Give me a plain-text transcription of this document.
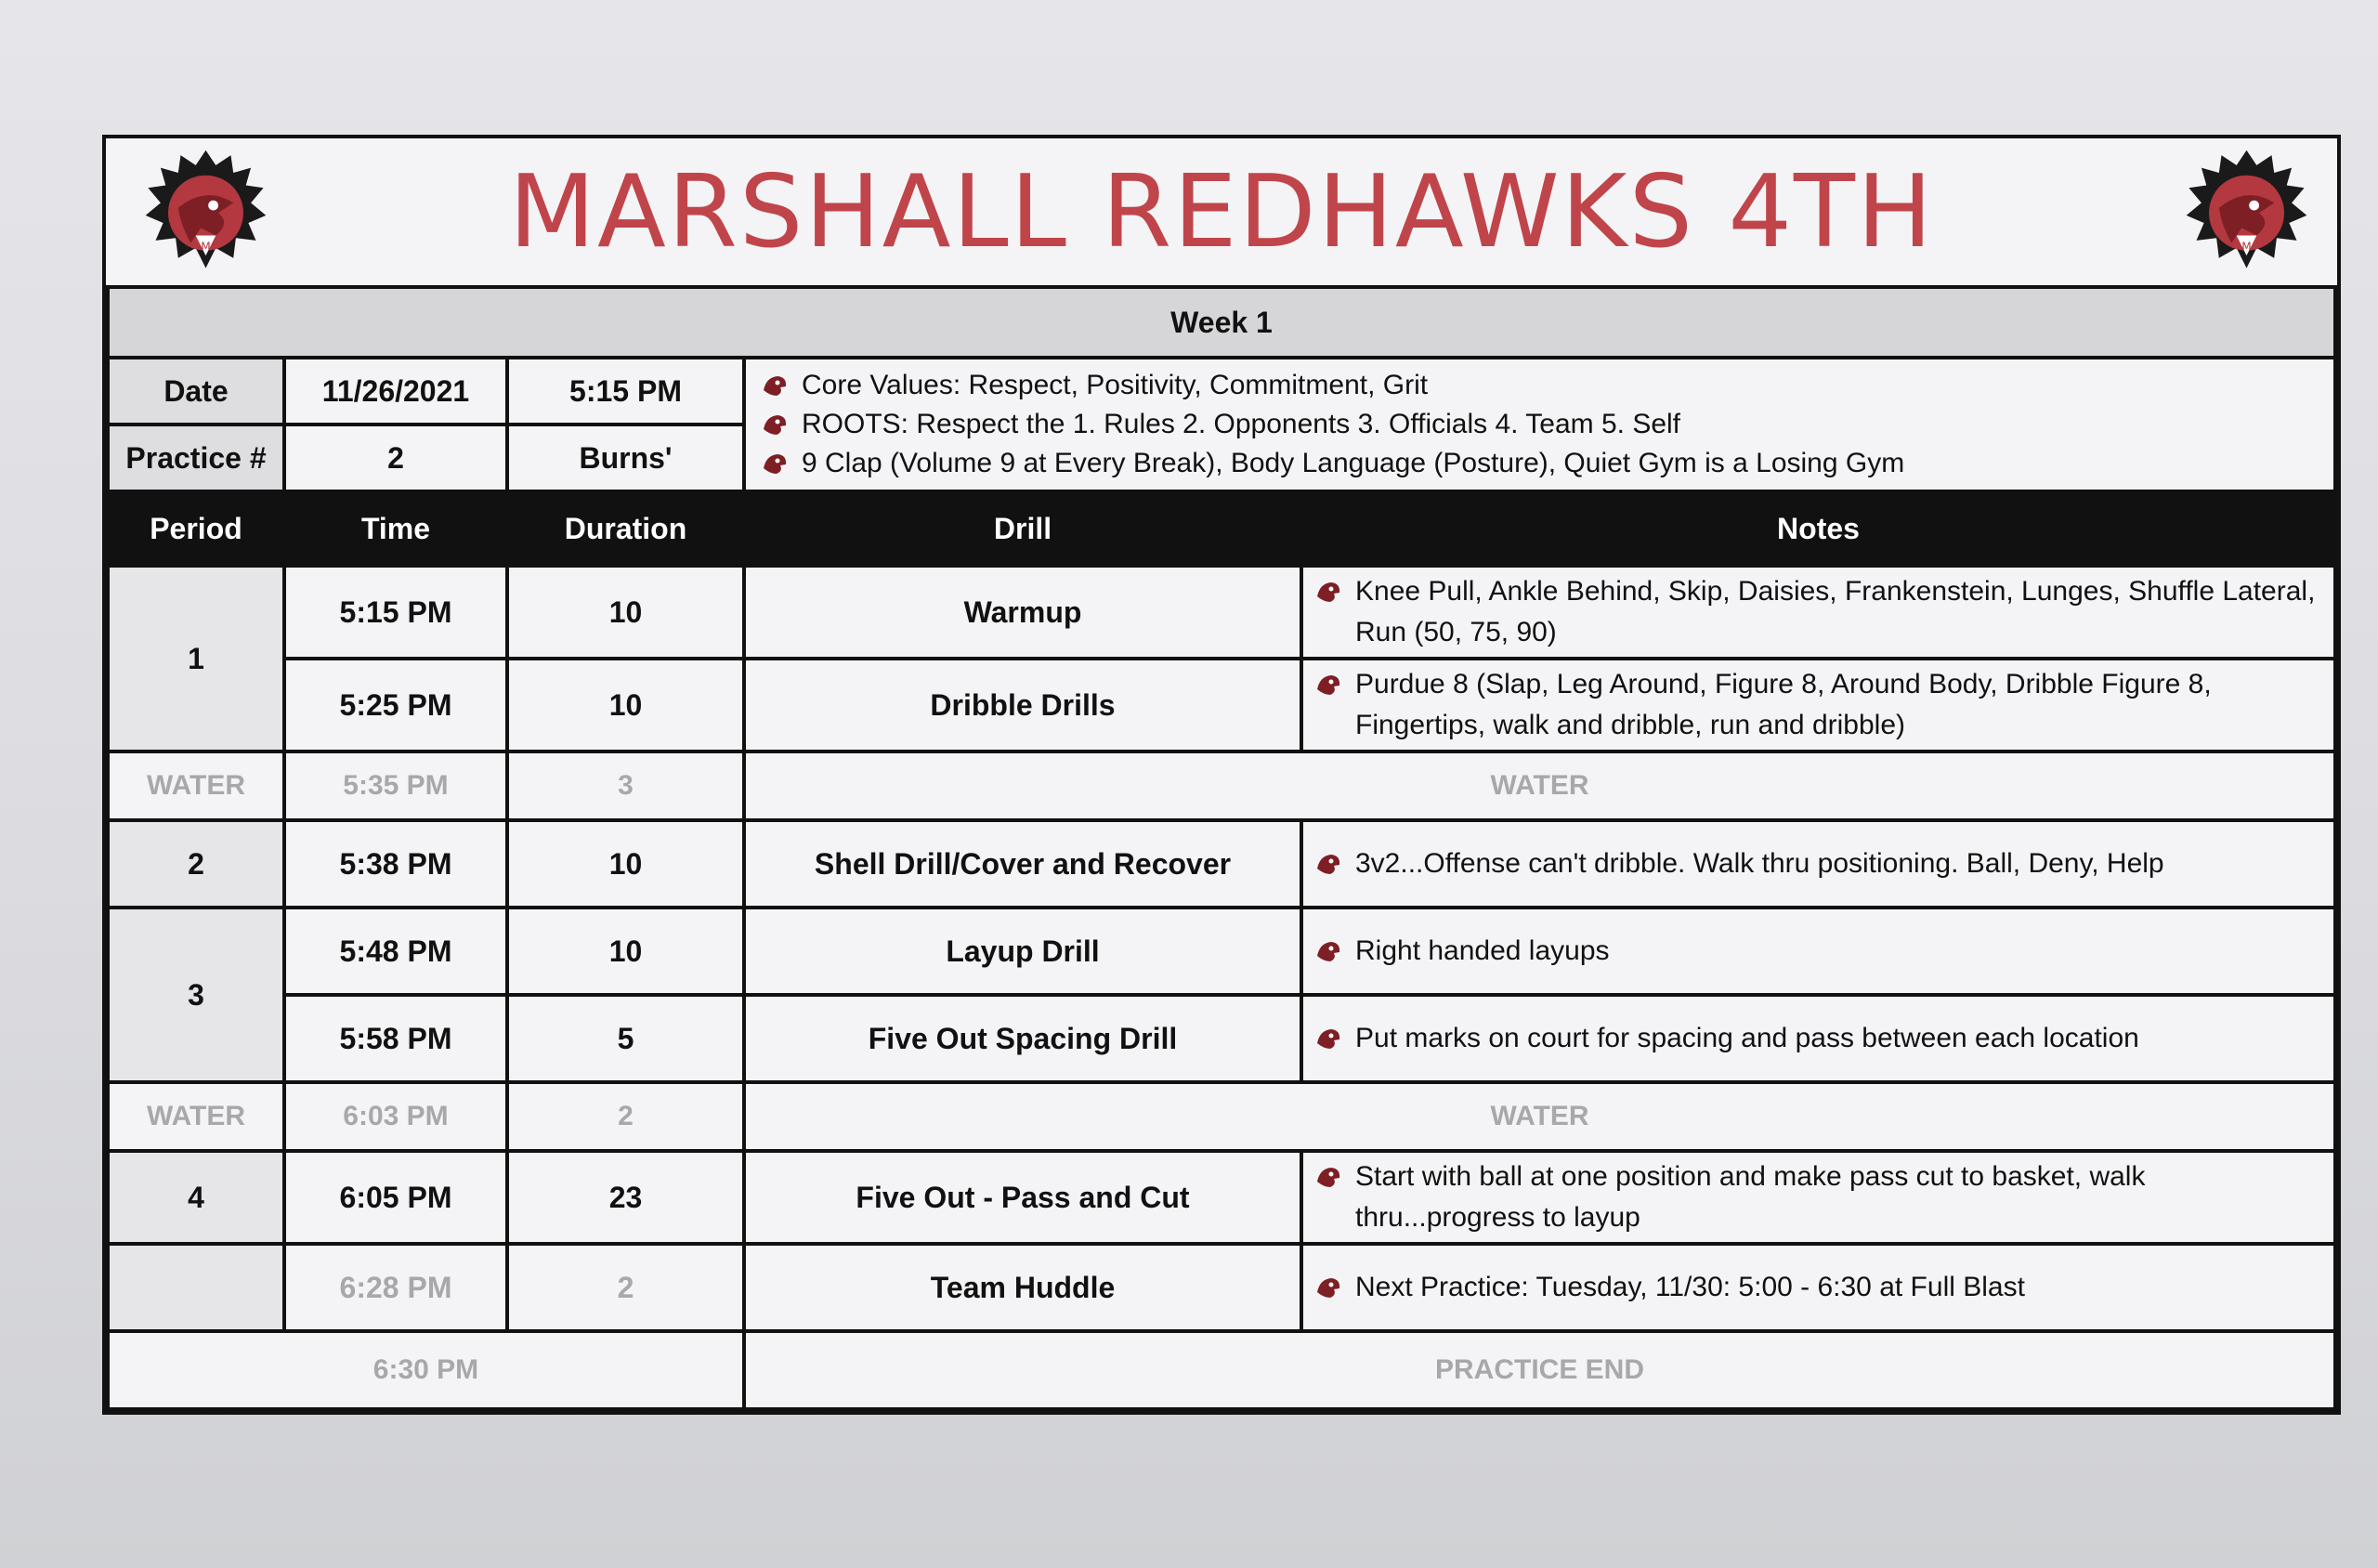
M	MARSHALL REDHAWKS 4TH	M
Week 1				
Date	11/26/2021	5:15 PM	Core Values: Respect, Positivity, Commitment, Grit
ROOTS: Respect the 1. Rules 2. Opponents 3. Officials 4. Team 5. Self
9 Clap (Volume 9 at Every Break), Body Language (Posture), Quiet Gym is a Losing Gym	

Practice #	2	Burns'		
Period	Time	Duration	Drill	Notes
1	5:15 PM	10	Warmup	Knee Pull, Ankle Behind, Skip, Daisies, Frankenstein, Lunges, Shuffle Lateral, Run (50, 75, 90)

	5:25 PM	10	Dribble Drills	Purdue 8 (Slap, Leg Around, Figure 8, Around Body, Dribble Figure 8, Fingertips, walk and dribble, run and dribble)

WATER	5:35 PM	3	WATER	
2	5:38 PM	10	Shell Drill/Cover and Recover	3v2...Offense can't dribble. Walk thru positioning. Ball, Deny, Help

3	5:48 PM	10	Layup Drill	Right handed layups

	5:58 PM	5	Five Out Spacing Drill	Put marks on court for spacing and pass between each location

WATER	6:03 PM	2	WATER	
4	6:05 PM	23	Five Out - Pass and Cut	Start with ball at one position and make pass cut to basket, walk thru...progress to layup

	6:28 PM	2	Team Huddle	Next Practice: Tuesday, 11/30: 5:00 - 6:30 at Full Blast

6:30 PM			PRACTICE END	
